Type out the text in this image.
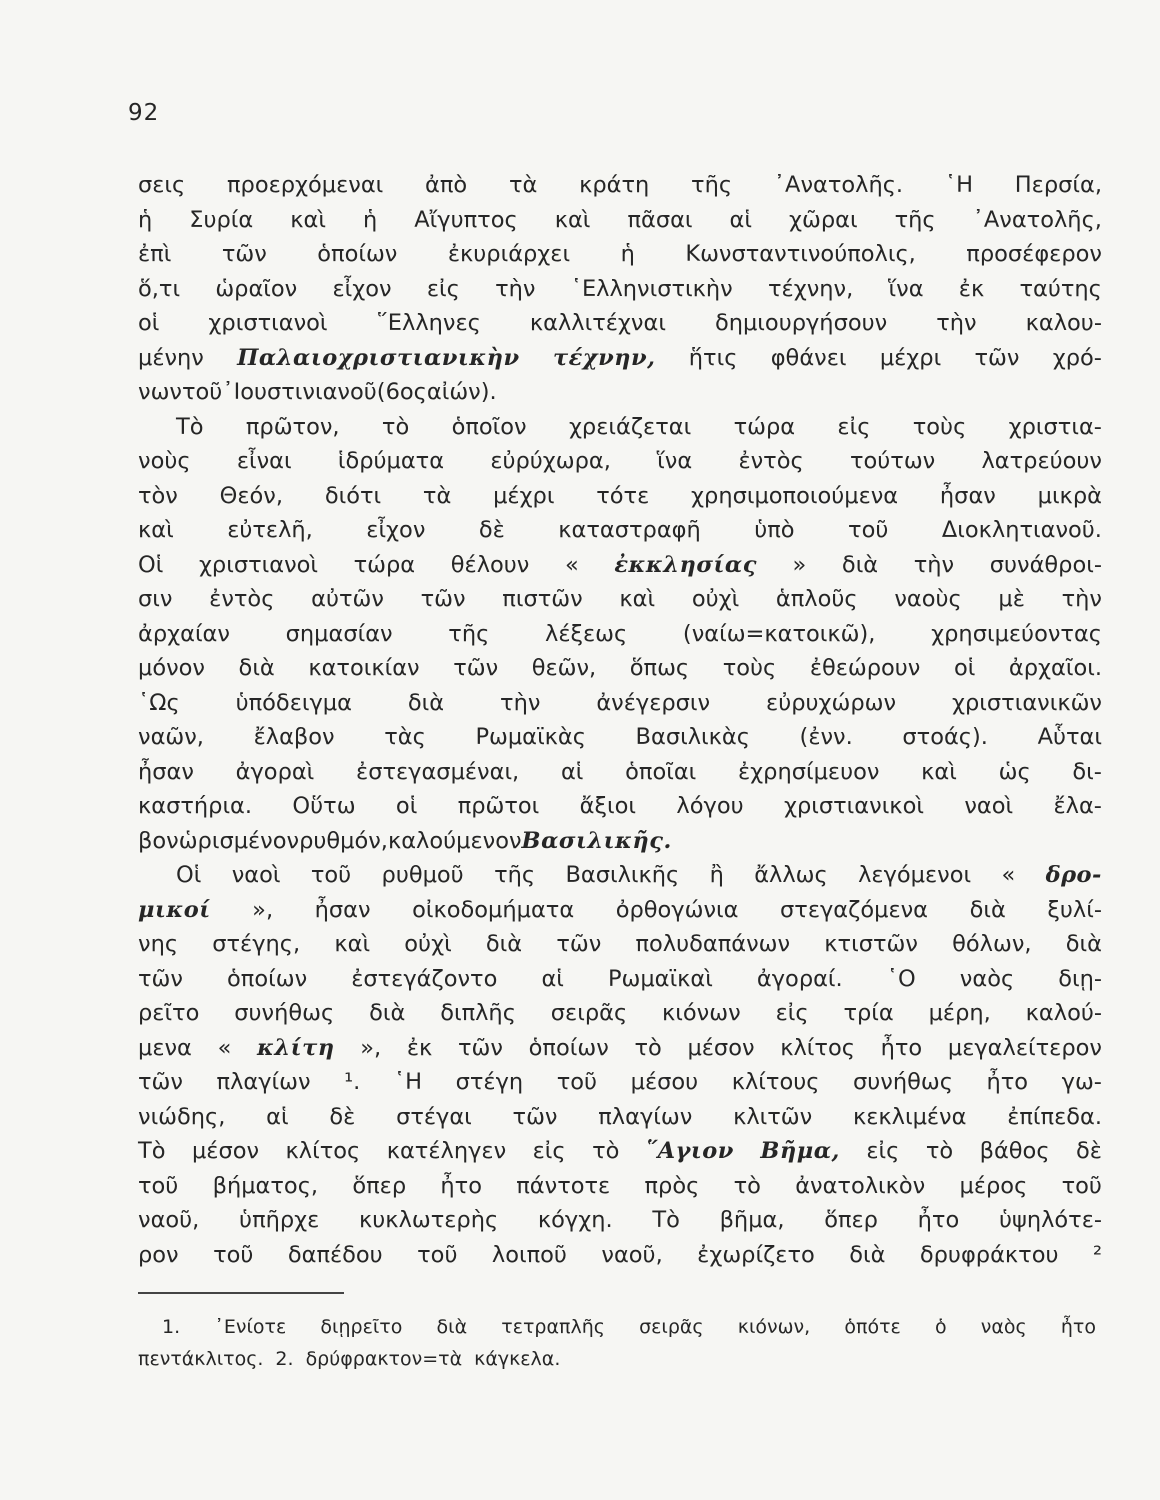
92
σεις προερχόμεναι ἀπὸ τὰ κράτη τῆς ᾿Ανατολῆς. ῾Η Περσία,
ἡ Συρία καὶ ἡ Αἴγυπτος καὶ πᾶσαι αἱ χῶραι τῆς ᾿Ανατολῆς,
ἐπὶ τῶν ὁποίων ἐκυριάρχει ἡ Κωνσταντινούπολις, προσέφερον
ὅ,τι ὡραῖον εἶχον εἰς τὴν ῾Ελληνιστικὴν τέχνην, ἵνα ἐκ ταύτης
οἱ χριστιανοὶ ῞Ελληνες καλλιτέχναι δημιουργήσουν τὴν καλου-
μένην Παλαιοχριστιανικὴν τέχνην, ἥτις φθάνει μέχρι τῶν χρό-
νων τοῦ ᾿Ιουστινιανοῦ (6ος αἰών).
Τὸ πρῶτον, τὸ ὁποῖον χρειάζεται τώρα εἰς τοὺς χριστια-
νοὺς εἶναι ἱδρύματα εὐρύχωρα, ἵνα ἐντὸς τούτων λατρεύουν
τὸν Θεόν, διότι τὰ μέχρι τότε χρησιμοποιούμενα ἦσαν μικρὰ
καὶ εὐτελῆ, εἶχον δὲ καταστραφῆ ὑπὸ τοῦ Διοκλητιανοῦ.
Οἱ χριστιανοὶ τώρα θέλουν « ἐκκλησίας » διὰ τὴν συνάθροι-
σιν ἐντὸς αὐτῶν τῶν πιστῶν καὶ οὐχὶ ἁπλοῦς ναοὺς μὲ τὴν
ἀρχαίαν σημασίαν τῆς λέξεως (ναίω=κατοικῶ), χρησιμεύοντας
μόνον διὰ κατοικίαν τῶν θεῶν, ὅπως τοὺς ἐθεώρουν οἱ ἀρχαῖοι.
῾Ως ὑπόδειγμα διὰ τὴν ἀνέγερσιν εὐρυχώρων χριστιανικῶν
ναῶν, ἔλαβον τὰς Ρωμαϊκὰς Βασιλικὰς (ἐνν. στοάς). Αὗται
ἦσαν ἀγοραὶ ἐστεγασμέναι, αἱ ὁποῖαι ἐχρησίμευον καὶ ὡς δι-
καστήρια. Οὕτω οἱ πρῶτοι ἄξιοι λόγου χριστιανικοὶ ναοὶ ἔλα-
βον ὡρισμένον ρυθμόν, καλούμενον Βασιλικῆς.
Οἱ ναοὶ τοῦ ρυθμοῦ τῆς Βασιλικῆς ἢ ἄλλως λεγόμενοι « δρο-
μικοί », ἦσαν οἰκοδομήματα ὀρθογώνια στεγαζόμενα διὰ ξυλί-
νης στέγης, καὶ οὐχὶ διὰ τῶν πολυδαπάνων κτιστῶν θόλων, διὰ
τῶν ὁποίων ἐστεγάζοντο αἱ Ρωμαϊκαὶ ἀγοραί. ῾Ο ναὸς διῃ-
ρεῖτο συνήθως διὰ διπλῆς σειρᾶς κιόνων εἰς τρία μέρη, καλού-
μενα « κλίτη », ἐκ τῶν ὁποίων τὸ μέσον κλίτος ἦτο μεγαλείτερον
τῶν πλαγίων ¹. ῾Η στέγη τοῦ μέσου κλίτους συνήθως ἦτο γω-
νιώδης, αἱ δὲ στέγαι τῶν πλαγίων κλιτῶν κεκλιμένα ἐπίπεδα.
Τὸ μέσον κλίτος κατέληγεν εἰς τὸ ῞Αγιον Βῆμα, εἰς τὸ βάθος δὲ
τοῦ βήματος, ὅπερ ἦτο πάντοτε πρὸς τὸ ἀνατολικὸν μέρος τοῦ
ναοῦ, ὑπῆρχε κυκλωτερὴς κόγχη. Τὸ βῆμα, ὅπερ ἦτο ὑψηλότε-
ρον τοῦ δαπέδου τοῦ λοιποῦ ναοῦ, ἐχωρίζετο διὰ δρυφράκτου ²
1. ᾿Ενίοτε διῃρεῖτο διὰ τετραπλῆς σειρᾶς κιόνων, ὁπότε ὁ ναὸς ἦτο
πεντάκλιτος. 2. δρύφρακτον=τὰ κάγκελα.
